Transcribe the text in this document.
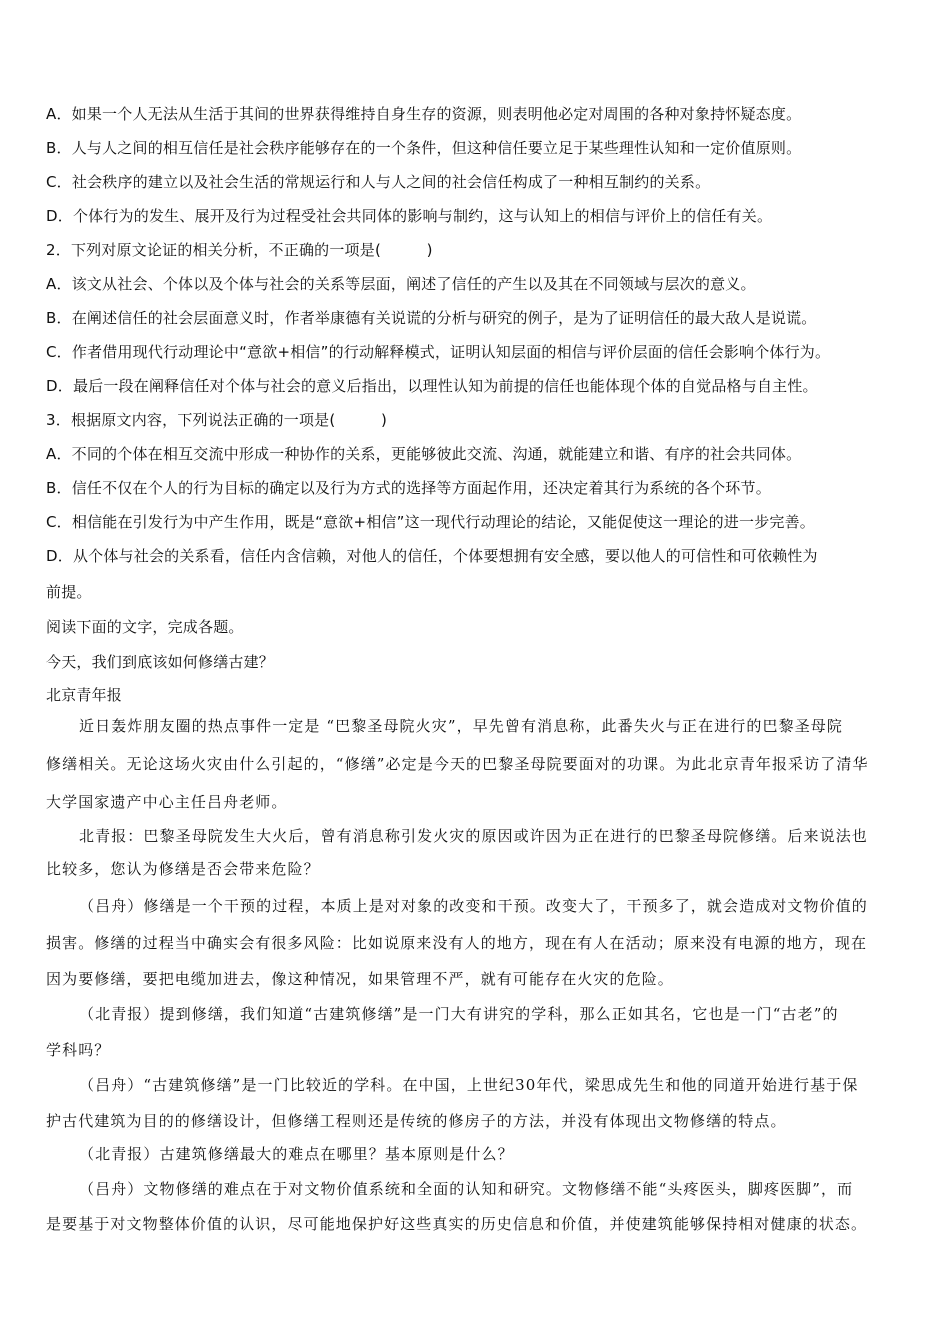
A．如果一个人无法从生活于其间的世界获得维持自身生存的资源，则表明他必定对周围的各种对象持怀疑态度。
B．人与人之间的相互信任是社会秩序能够存在的一个条件，但这种信任要立足于某些理性认知和一定价值原则。
C．社会秩序的建立以及社会生活的常规运行和人与人之间的社会信任构成了一种相互制约的关系。
D．个体行为的发生、展开及行为过程受社会共同体的影响与制约，这与认知上的相信与评价上的信任有关。
2．下列对原文论证的相关分析，不正确的一项是(　　　)
A．该文从社会、个体以及个体与社会的关系等层面，阐述了信任的产生以及其在不同领域与层次的意义。
B．在阐述信任的社会层面意义时，作者举康德有关说谎的分析与研究的例子，是为了证明信任的最大敌人是说谎。
C．作者借用现代行动理论中“意欲+相信”的行动解释模式，证明认知层面的相信与评价层面的信任会影响个体行为。
D．最后一段在阐释信任对个体与社会的意义后指出，以理性认知为前提的信任也能体现个体的自觉品格与自主性。
3．根据原文内容，下列说法正确的一项是(　　　)
A．不同的个体在相互交流中形成一种协作的关系，更能够彼此交流、沟通，就能建立和谐、有序的社会共同体。
B．信任不仅在个人的行为目标的确定以及行为方式的选择等方面起作用，还决定着其行为系统的各个环节。
C．相信能在引发行为中产生作用，既是“意欲+相信”这一现代行动理论的结论，又能促使这一理论的进一步完善。
D．从个体与社会的关系看，信任内含信赖，对他人的信任，个体要想拥有安全感，要以他人的可信性和可依赖性为
前提。
阅读下面的文字，完成各题。
今天，我们到底该如何修缮古建？
北京青年报
近日轰炸朋友圈的热点事件一定是 “巴黎圣母院火灾”，早先曾有消息称，此番失火与正在进行的巴黎圣母院
修缮相关。无论这场火灾由什么引起的，“修缮”必定是今天的巴黎圣母院要面对的功课。为此北京青年报采访了清华
大学国家遗产中心主任吕舟老师。
北青报：巴黎圣母院发生大火后，曾有消息称引发火灾的原因或许因为正在进行的巴黎圣母院修缮。后来说法也
比较多，您认为修缮是否会带来危险？
（吕舟）修缮是一个干预的过程，本质上是对对象的改变和干预。改变大了，干预多了，就会造成对文物价值的
损害。修缮的过程当中确实会有很多风险：比如说原来没有人的地方，现在有人在活动；原来没有电源的地方，现在
因为要修缮，要把电缆加进去，像这种情况，如果管理不严，就有可能存在火灾的危险。
（北青报）提到修缮，我们知道“古建筑修缮”是一门大有讲究的学科，那么正如其名，它也是一门“古老”的
学科吗？
（吕舟）“古建筑修缮”是一门比较近的学科。在中国，上世纪30年代，梁思成先生和他的同道开始进行基于保
护古代建筑为目的的修缮设计，但修缮工程则还是传统的修房子的方法，并没有体现出文物修缮的特点。
（北青报）古建筑修缮最大的难点在哪里？基本原则是什么？
（吕舟）文物修缮的难点在于对文物价值系统和全面的认知和研究。文物修缮不能“头疼医头，脚疼医脚”，而
是要基于对文物整体价值的认识，尽可能地保护好这些真实的历史信息和价值，并使建筑能够保持相对健康的状态。
